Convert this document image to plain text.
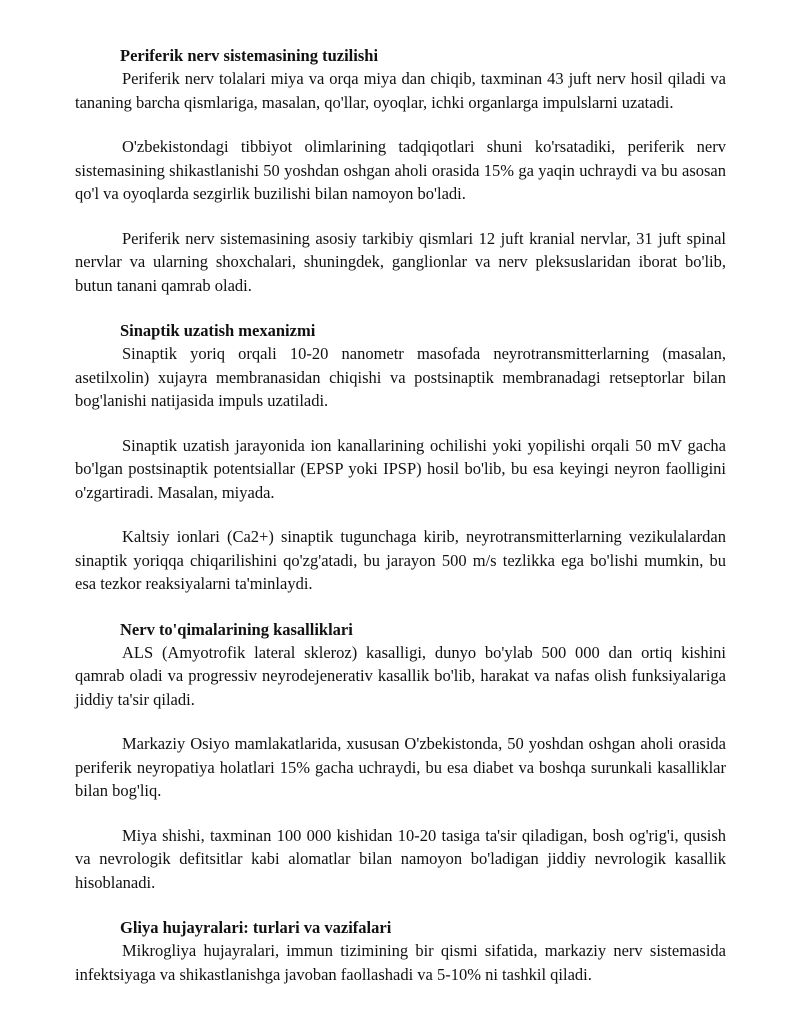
Periferik nerv sistemasining tuzilishi

Periferik nerv tolalari miya va orqa miya dan chiqib, taxminan 43 juft nerv hosil qiladi va tananing barcha qismlariga, masalan, qo'llar, oyoqlar, ichki organlarga impulslarni uzatadi.

O'zbekistondagi tibbiyot olimlarining tadqiqotlari shuni ko'rsatadiki, periferik nerv sistemasining shikastlanishi 50 yoshdan oshgan aholi orasida 15% ga yaqin uchraydi va bu asosan qo'l va oyoqlarda sezgirlik buzilishi bilan namoyon bo'ladi.

Periferik nerv sistemasining asosiy tarkibiy qismlari 12 juft kranial nervlar, 31 juft spinal nervlar va ularning shoxchalari, shuningdek, ganglionlar va nerv pleksuslaridan iborat bo'lib, butun tanani qamrab oladi.

Sinaptik uzatish mexanizmi

Sinaptik yoriq orqali 10-20 nanometr masofada neyrotransmitterlarning (masalan, asetilxolin) xujayra membranasidan chiqishi va postsinaptik membranadagi retseptorlar bilan bog'lanishi natijasida impuls uzatiladi.

Sinaptik uzatish jarayonida ion kanallarining ochilishi yoki yopilishi orqali 50 mV gacha bo'lgan postsinaptik potentsiallar (EPSP yoki IPSP) hosil bo'lib, bu esa keyingi neyron faolligini o'zgartiradi. Masalan, miyada.

Kaltsiy ionlari (Ca2+) sinaptik tugunchaga kirib, neyrotransmitterlarning vezikulalardan sinaptik yoriqqa chiqarilishini qo'zg'atadi, bu jarayon 500 m/s tezlikka ega bo'lishi mumkin, bu esa tezkor reaksiyalarni ta'minlaydi.

Nerv to'qimalarining kasalliklari

ALS (Amyotrofik lateral skleroz) kasalligi, dunyo bo'ylab 500 000 dan ortiq kishini qamrab oladi va progressiv neyrodejenerativ kasallik bo'lib, harakat va nafas olish funksiyalariga jiddiy ta'sir qiladi.

Markaziy Osiyo mamlakatlarida, xususan O'zbekistonda, 50 yoshdan oshgan aholi orasida periferik neyropatiya holatlari 15% gacha uchraydi, bu esa diabet va boshqa surunkali kasalliklar bilan bog'liq.

Miya shishi, taxminan 100 000 kishidan 10-20 tasiga ta'sir qiladigan, bosh og'rig'i, qusish va nevrologik defitsitlar kabi alomatlar bilan namoyon bo'ladigan jiddiy nevrologik kasallik hisoblanadi.

Gliya hujayralari: turlari va vazifalari

Mikrogliya hujayralari, immun tizimining bir qismi sifatida, markaziy nerv sistemasida infektsiyaga va shikastlanishga javoban faollashadi va 5-10% ni tashkil qiladi.
